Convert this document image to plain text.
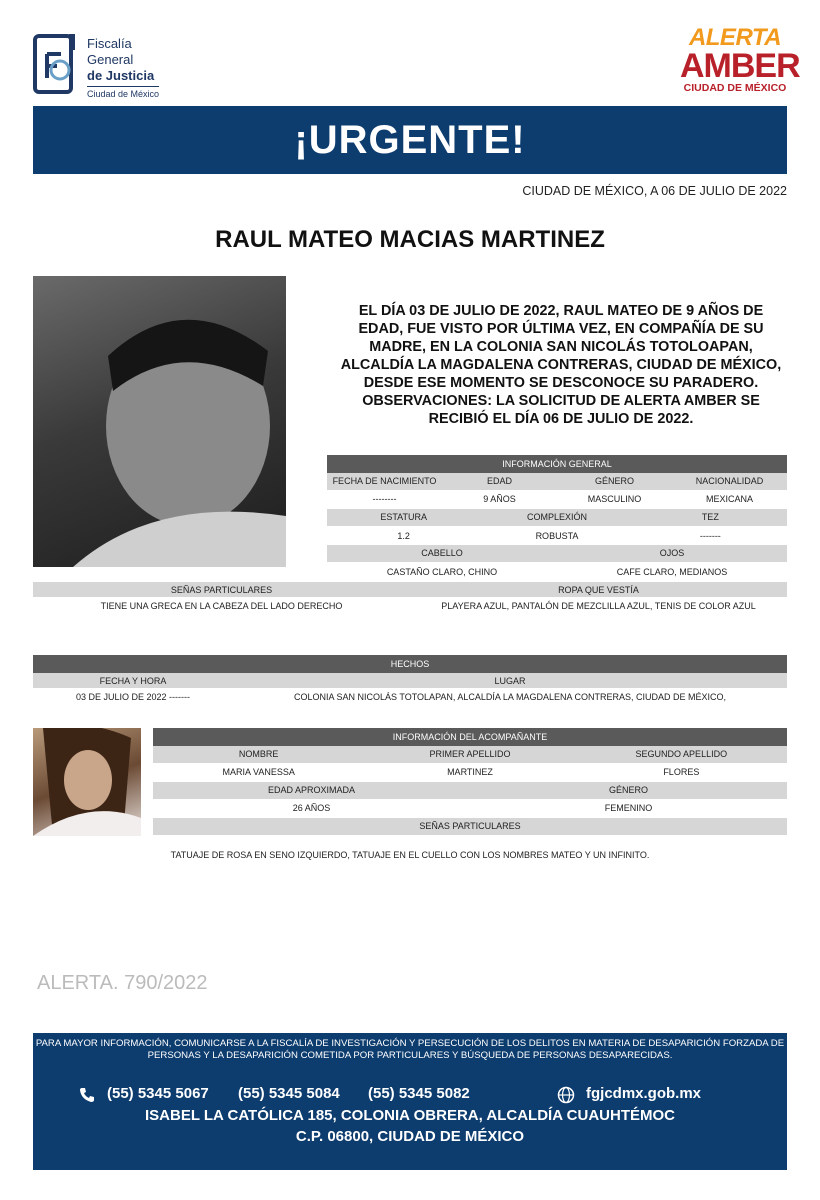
Fiscalía
General
de Justicia
Ciudad de México
ALERTA
AMBER
CIUDAD DE MÉXICO
¡URGENTE!
CIUDAD DE MÉXICO, A 06 DE JULIO DE 2022
RAUL MATEO MACIAS MARTINEZ
EL DÍA 03 DE JULIO DE 2022, RAUL MATEO DE 9 AÑOS DE EDAD, FUE VISTO POR ÚLTIMA VEZ, EN COMPAÑÍA DE SU MADRE, EN LA COLONIA SAN NICOLÁS TOTOLOAPAN, ALCALDÍA LA MAGDALENA CONTRERAS, CIUDAD DE MÉXICO, DESDE ESE MOMENTO SE DESCONOCE SU PARADERO. OBSERVACIONES: LA SOLICITUD DE ALERTA AMBER SE RECIBIÓ EL DÍA 06 DE JULIO DE 2022.
INFORMACIÓN GENERAL
FECHA DE NACIMIENTO	EDAD	GÉNERO	NACIONALIDAD
--------	9 AÑOS	MASCULINO	MEXICANA
ESTATURA	COMPLEXIÓN	TEZ
1.2	ROBUSTA	-------
CABELLO	OJOS
CASTAÑO CLARO, CHINO	CAFE CLARO, MEDIANOS
SEÑAS PARTICULARES	ROPA QUE VESTÍA
TIENE UNA GRECA EN LA CABEZA DEL LADO DERECHO	PLAYERA AZUL, PANTALÓN DE MEZCLILLA AZUL, TENIS DE COLOR AZUL
HECHOS
FECHA Y HORA	LUGAR
03 DE JULIO DE 2022 -------	COLONIA SAN NICOLÁS TOTOLAPAN, ALCALDÍA LA MAGDALENA CONTRERAS, CIUDAD DE MÉXICO,
INFORMACIÓN DEL ACOMPAÑANTE
NOMBRE	PRIMER APELLIDO	SEGUNDO APELLIDO
MARIA VANESSA	MARTINEZ	FLORES
EDAD APROXIMADA	GÉNERO
26 AÑOS	FEMENINO
SEÑAS PARTICULARES
TATUAJE DE ROSA EN SENO IZQUIERDO, TATUAJE EN EL CUELLO CON LOS NOMBRES MATEO Y UN INFINITO.
ALERTA. 790/2022
PARA MAYOR INFORMACIÓN, COMUNICARSE A LA FISCALÍA DE INVESTIGACIÓN Y PERSECUCIÓN DE LOS DELITOS EN MATERIA DE DESAPARICIÓN FORZADA DE PERSONAS Y LA DESAPARICIÓN COMETIDA POR PARTICULARES Y BÚSQUEDA DE PERSONAS DESAPARECIDAS.
(55) 5345 5067 (55) 5345 5084 (55) 5345 5082	fgjcdmx.gob.mx
ISABEL LA CATÓLICA 185, COLONIA OBRERA, ALCALDÍA CUAUHTÉMOC
C.P. 06800, CIUDAD DE MÉXICO
